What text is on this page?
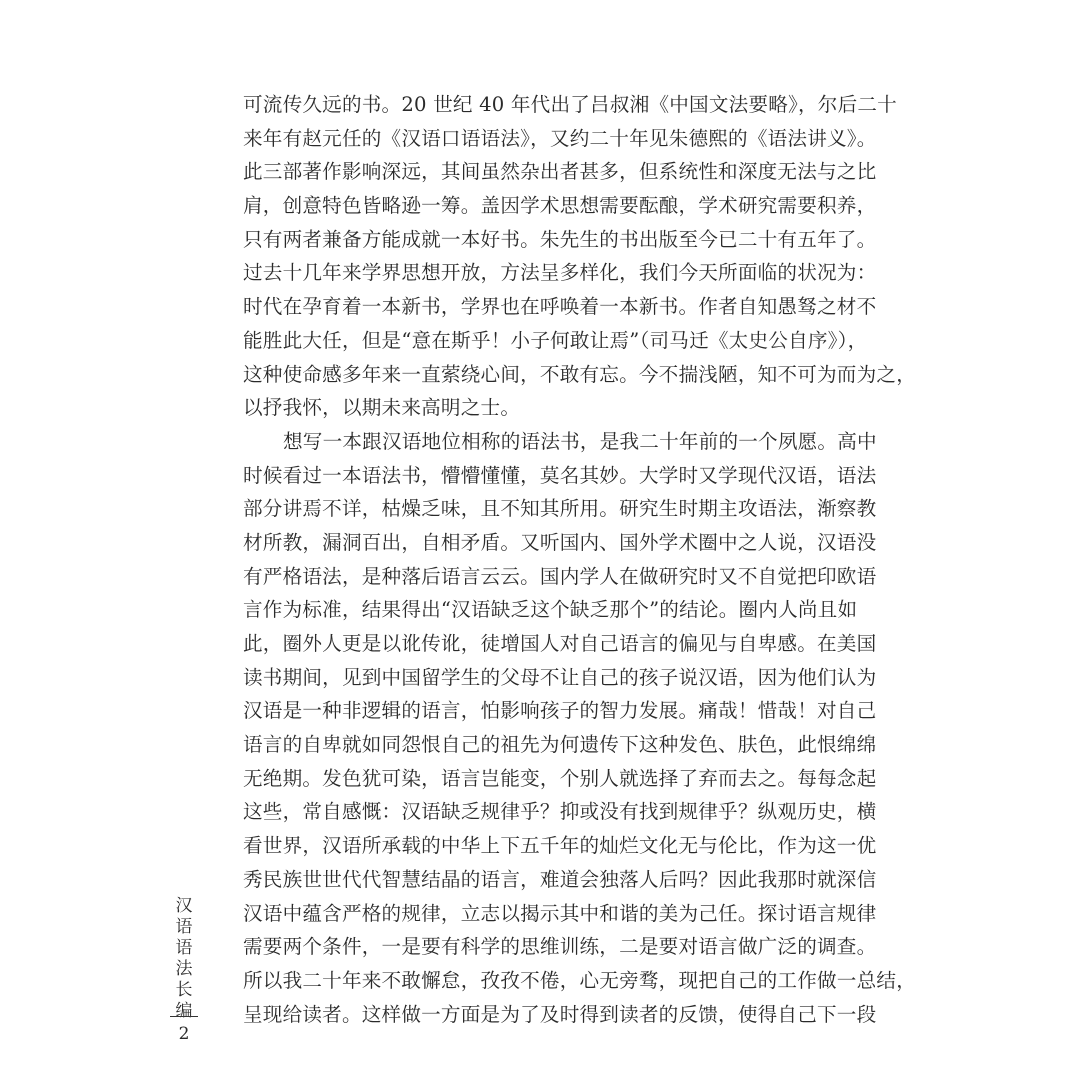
可流传久远的书。20 世纪 40 年代出了吕叔湘《中国文法要略》，尔后二十
来年有赵元任的《汉语口语语法》，又约二十年见朱德熙的《语法讲义》。
此三部著作影响深远，其间虽然杂出者甚多，但系统性和深度无法与之比
肩，创意特色皆略逊一筹。盖因学术思想需要酝酿，学术研究需要积养，
只有两者兼备方能成就一本好书。朱先生的书出版至今已二十有五年了。
过去十几年来学界思想开放，方法呈多样化，我们今天所面临的状况为：
时代在孕育着一本新书，学界也在呼唤着一本新书。作者自知愚驽之材不
能胜此大任，但是“意在斯乎！小子何敢让焉”（司马迁《太史公自序》），
这种使命感多年来一直萦绕心间，不敢有忘。今不揣浅陋，知不可为而为之，
以抒我怀，以期未来高明之士。
想写一本跟汉语地位相称的语法书，是我二十年前的一个夙愿。高中
时候看过一本语法书，懵懵懂懂，莫名其妙。大学时又学现代汉语，语法
部分讲焉不详，枯燥乏味，且不知其所用。研究生时期主攻语法，渐察教
材所教，漏洞百出，自相矛盾。又听国内、国外学术圈中之人说，汉语没
有严格语法，是种落后语言云云。国内学人在做研究时又不自觉把印欧语
言作为标准，结果得出“汉语缺乏这个缺乏那个”的结论。圈内人尚且如
此，圈外人更是以讹传讹，徒增国人对自己语言的偏见与自卑感。在美国
读书期间，见到中国留学生的父母不让自己的孩子说汉语，因为他们认为
汉语是一种非逻辑的语言，怕影响孩子的智力发展。痛哉！惜哉！对自己
语言的自卑就如同怨恨自己的祖先为何遗传下这种发色、肤色，此恨绵绵
无绝期。发色犹可染，语言岂能变，个别人就选择了弃而去之。每每念起
这些，常自感慨：汉语缺乏规律乎？抑或没有找到规律乎？纵观历史，横
看世界，汉语所承载的中华上下五千年的灿烂文化无与伦比，作为这一优
秀民族世世代代智慧结晶的语言，难道会独落人后吗？因此我那时就深信
汉语中蕴含严格的规律，立志以揭示其中和谐的美为己任。探讨语言规律
需要两个条件，一是要有科学的思维训练，二是要对语言做广泛的调查。
所以我二十年来不敢懈怠，孜孜不倦，心无旁骛，现把自己的工作做一总结，
呈现给读者。这样做一方面是为了及时得到读者的反馈，使得自己下一段
汉语语法长编
2
